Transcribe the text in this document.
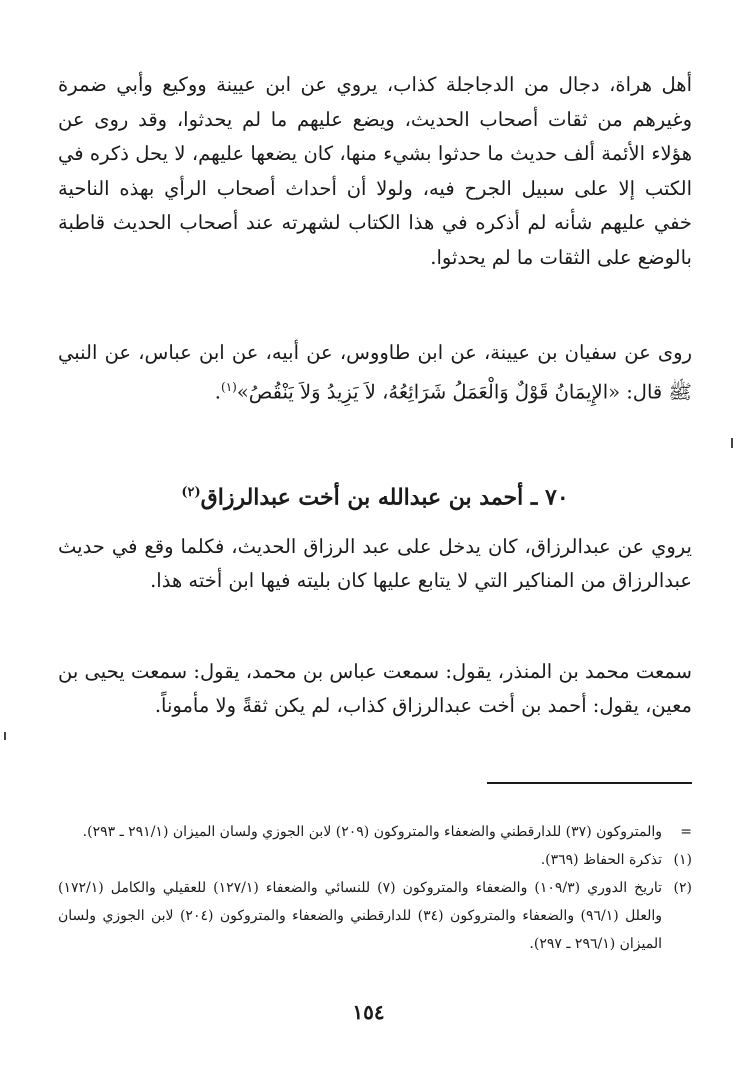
أهل هراة، دجال من الدجاجلة كذاب، يروي عن ابن عيينة ووكيع وأبي ضمرة وغيرهم من ثقات أصحاب الحديث، ويضع عليهم ما لم يحدثوا، وقد روى عن هؤلاء الأئمة ألف حديث ما حدثوا بشيء منها، كان يضعها عليهم، لا يحل ذكره في الكتب إلا على سبيل الجرح فيه، ولولا أن أحداث أصحاب الرأي بهذه الناحية خفي عليهم شأنه لم أذكره في هذا الكتاب لشهرته عند أصحاب الحديث قاطبة بالوضع على الثقات ما لم يحدثوا.

روى عن سفيان بن عيينة، عن ابن طاووس، عن أبيه، عن ابن عباس، عن النبي ﷺ قال: «الإِيمَانُ قَوْلٌ وَالْعَمَلُ شَرَائِعُهُ، لاَ يَزِيدُ وَلاَ يَنْقُصُ»$^{(١)}$.

٧٠ ـ أحمد بن عبدالله بن أخت عبدالرزاق$^{(٢)}$

يروي عن عبدالرزاق، كان يدخل على عبد الرزاق الحديث، فكلما وقع في حديث عبدالرزاق من المناكير التي لا يتابع عليها كان بليته فيها ابن أخته هذا.

سمعت محمد بن المنذر، يقول: سمعت عباس بن محمد، يقول: سمعت يحيى بن معين، يقول: أحمد بن أخت عبدالرزاق كذاب، لم يكن ثقةً ولا مأموناً.

=
والمتروكون (٣٧) للدارقطني والضعفاء والمتروكون (٢٠٩) لابن الجوزي ولسان الميزان (٢٩١/١ ـ ٢٩٣).
(١)
تذكرة الحفاظ (٣٦٩).
(٢)
تاريخ الدوري (١٠٩/٣) والضعفاء والمتروكون (٧) للنسائي والضعفاء (١٢٧/١) للعقيلي والكامل (١٧٢/١) والعلل (٩٦/١) والضعفاء والمتروكون (٣٤) للدارقطني والضعفاء والمتروكون (٢٠٤) لابن الجوزي ولسان الميزان (٢٩٦/١ ـ ٢٩٧).
١٥٤
